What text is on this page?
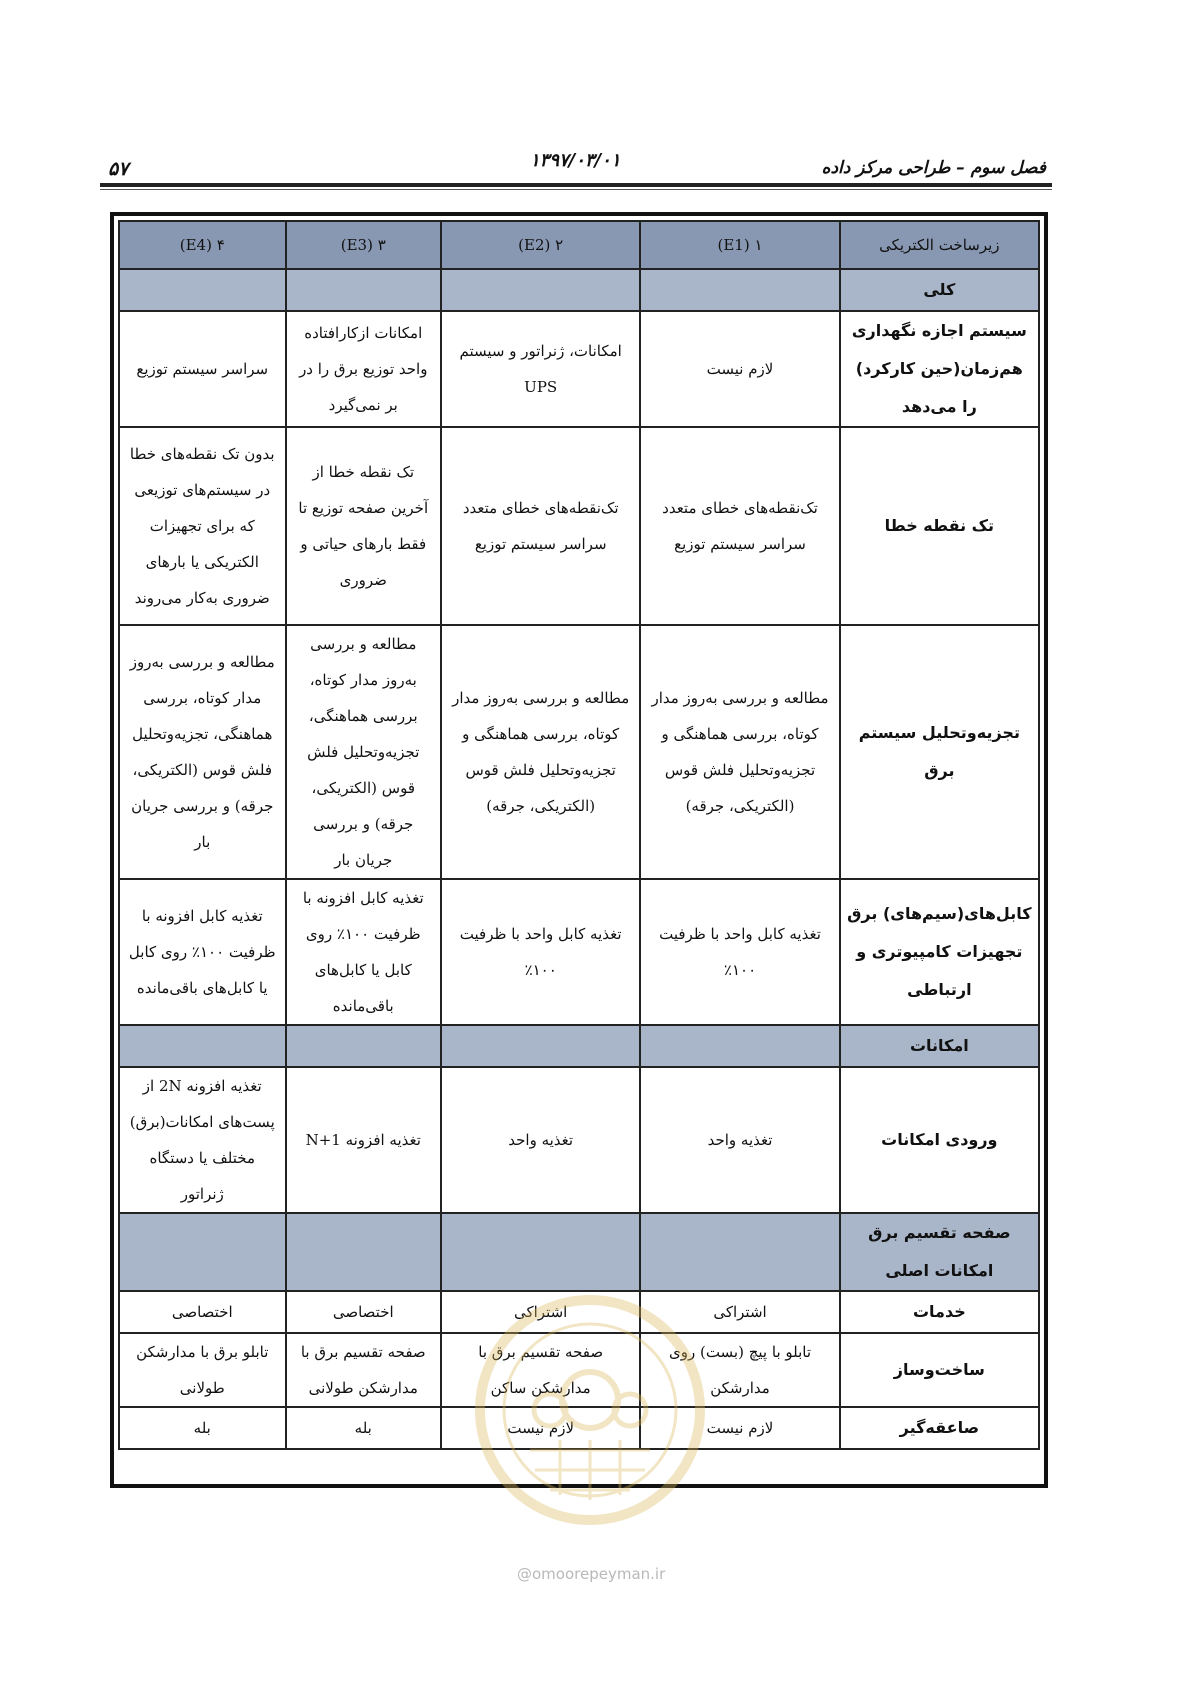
فصل سوم – طراحی مرکز داده
۱۳۹۷/۰۳/۰۱
۵۷
زیرساخت الکتریکی	۱ (E1)	۲ (E2)	۳ (E3)	۴ (E4)
کلی				
سیستم اجازه نگهداری هم‌زمان(حین کارکرد) را می‌دهد	لازم نیست	امکانات، ژنراتور و سیستم UPS	امکانات ازکارافتاده واحد توزیع برق را در بر نمی‌گیرد	سراسر سیستم توزیع
تک نقطه خطا	تک‌نقطه‌های خطای متعدد سراسر سیستم توزیع	تک‌نقطه‌های خطای متعدد سراسر سیستم توزیع	تک نقطه خطا از آخرین صفحه توزیع تا فقط بارهای حیاتی و ضروری	بدون تک نقطه‌های خطا در سیستم‌های توزیعی که برای تجهیزات الکتریکی یا بارهای ضروری به‌کار می‌روند
تجزیه‌وتحلیل سیستم برق	مطالعه و بررسی به‌روز مدار کوتاه، بررسی هماهنگی و تجزیه‌وتحلیل فلش قوس (الکتریکی، جرقه)	مطالعه و بررسی به‌روز مدار کوتاه، بررسی هماهنگی و تجزیه‌وتحلیل فلش قوس (الکتریکی، جرقه)	مطالعه و بررسی به‌روز مدار کوتاه، بررسی هماهنگی، تجزیه‌وتحلیل فلش قوس (الکتریکی، جرقه) و بررسی جریان بار	مطالعه و بررسی به‌روز مدار کوتاه، بررسی هماهنگی، تجزیه‌وتحلیل فلش قوس (الکتریکی، جرقه) و بررسی جریان بار
کابل‌های(سیم‌های) برق تجهیزات کامپیوتری و ارتباطی	تغذیه کابل واحد با ظرفیت ۱۰۰٪	تغذیه کابل واحد با ظرفیت ۱۰۰٪	تغذیه کابل افزونه با ظرفیت ۱۰۰٪ روی کابل یا کابل‌های باقی‌مانده	تغذیه کابل افزونه با ظرفیت ۱۰۰٪ روی کابل یا کابل‌های باقی‌مانده
امکانات				
ورودی امکانات	تغذیه واحد	تغذیه واحد	تغذیه افزونه N+1	تغذیه افزونه 2N از پست‌های امکانات(برق) مختلف یا دستگاه ژنراتور
صفحه تقسیم برق امکانات اصلی				
خدمات	اشتراکی	اشتراکی	اختصاصی	اختصاصی
ساخت‌وساز	تابلو با پیچ (بست) روی مدارشکن	صفحه تقسیم برق با مدارشکن ساکن	صفحه تقسیم برق با مدارشکن طولانی	تابلو برق با مدارشکن طولانی
صاعقه‌گیر	لازم نیست	لازم نیست	بله	بله
@omoorepeyman.ir
